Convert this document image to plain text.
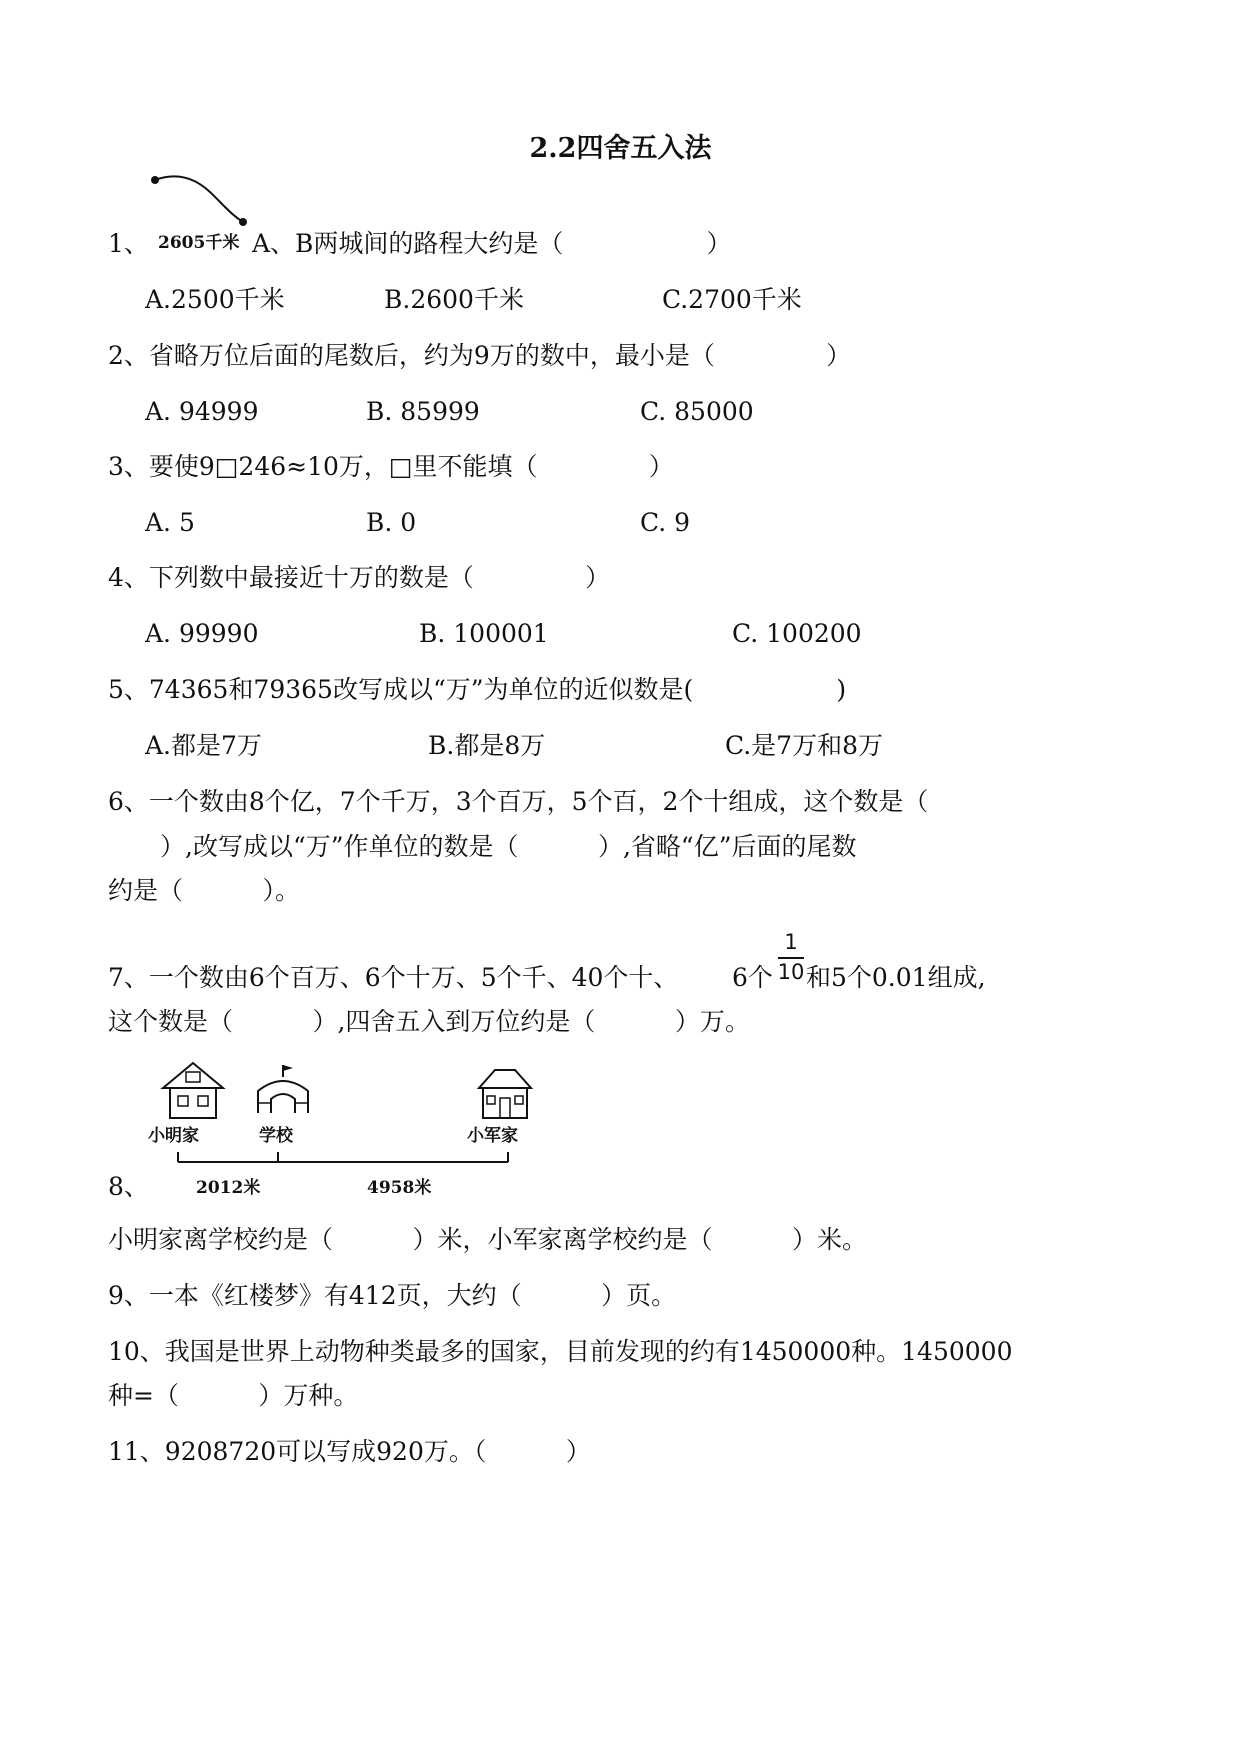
2.2四舍五入法
2605千米
1、	A、B两城间的路程大约是（                  ）
A.2500千米	B.2600千米	C.2700千米
2、省略万位后面的尾数后，约为9万的数中，最小是（              ）
A. 94999	B. 85999	C. 85000
3、要使9□246≈10万，□里不能填（              ）
A. 5	B. 0	C. 9
4、下列数中最接近十万的数是（              ）
A. 99990	B. 100001	C. 100200
5、74365和79365改写成以“万”为单位的近似数是(                  )
A.都是7万	B.都是8万	C.是7万和8万
6、一个数由8个亿，7个千万，3个百万，5个百，2个十组成，这个数是（
）,改写成以“万”作单位的数是（          ）,省略“亿”后面的尾数
约是（          ）。
7、一个数由6个百万、6个十万、5个千、40个十、 6个
1
10 和5个0.01组成,
这个数是（          ）,四舍五入到万位约是（          ）万。
小明家	学校	小军家
2012米	4958米
8、
小明家离学校约是（          ）米，小军家离学校约是（          ）米。
9、一本《红楼梦》有412页，大约（          ）页。
10、我国是世界上动物种类最多的国家，目前发现的约有1450000种。1450000
种=（          ）万种。
11、9208720可以写成920万。（          ）
